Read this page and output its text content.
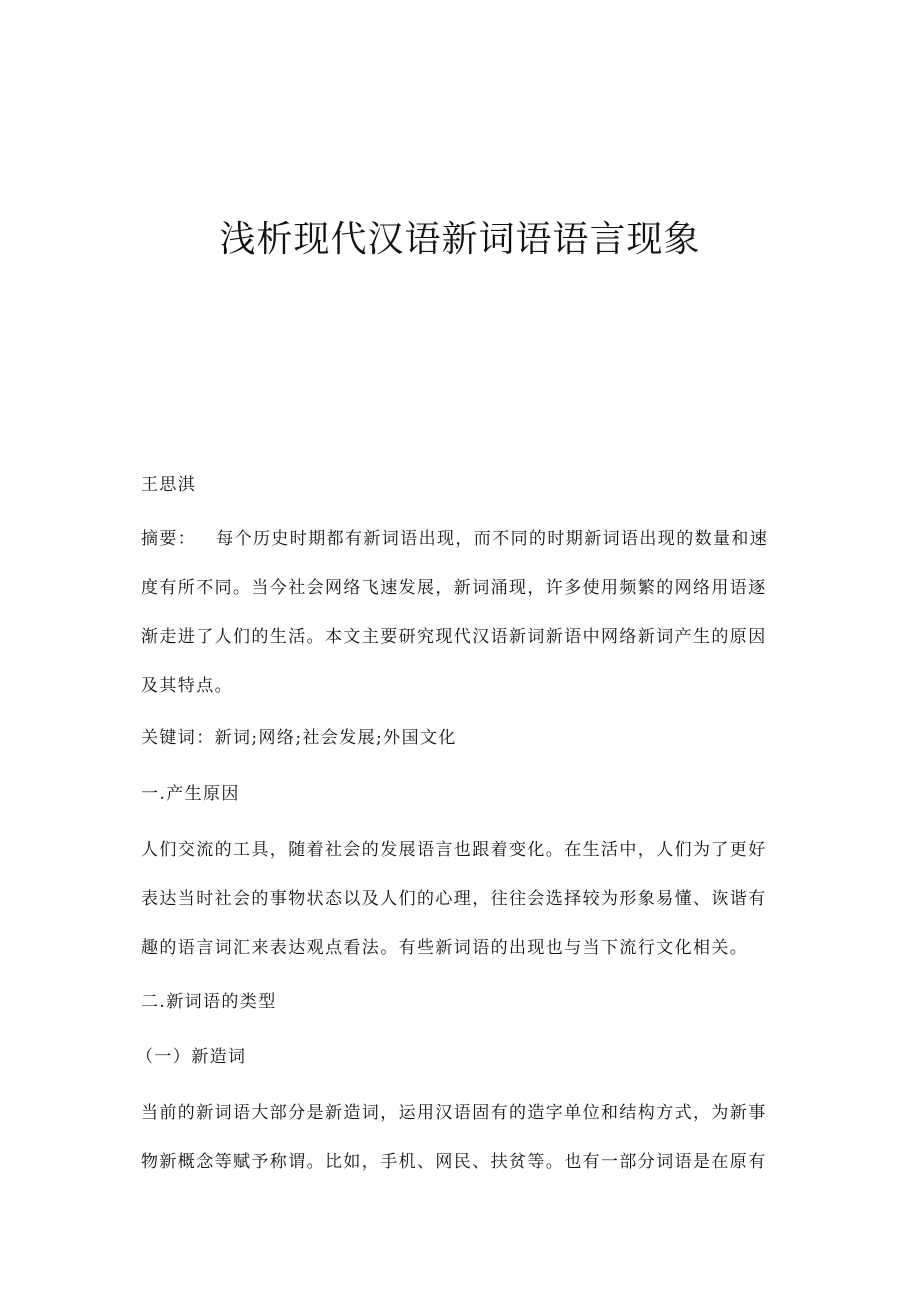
浅析现代汉语新词语语言现象

王思淇

摘要： 每个历史时期都有新词语出现，而不同的时期新词语出现的数量和速度有所不同。当今社会网络飞速发展，新词涌现，许多使用频繁的网络用语逐渐走进了人们的生活。本文主要研究现代汉语新词新语中网络新词产生的原因及其特点。

关键词：新词;网络;社会发展;外国文化

一.产生原因

人们交流的工具，随着社会的发展语言也跟着变化。在生活中，人们为了更好表达当时社会的事物状态以及人们的心理，往往会选择较为形象易懂、诙谐有趣的语言词汇来表达观点看法。有些新词语的出现也与当下流行文化相关。

二.新词语的类型

（一）新造词

当前的新词语大部分是新造词，运用汉语固有的造字单位和结构方式，为新事物新概念等赋予称谓。比如，手机、网民、扶贫等。也有一部分词语是在原有
